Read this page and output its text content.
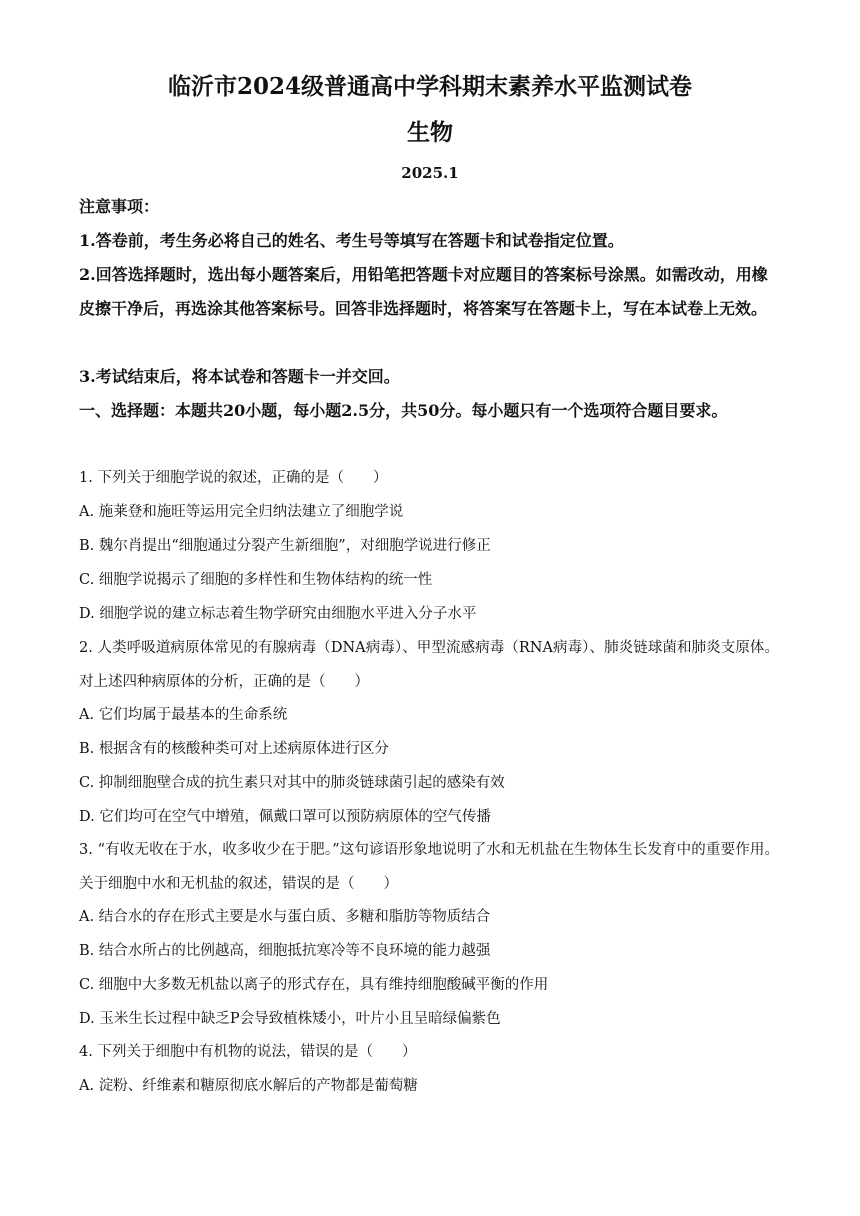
临沂市2024级普通高中学科期末素养水平监测试卷
生物
2025.1
注意事项：
1.答卷前，考生务必将自己的姓名、考生号等填写在答题卡和试卷指定位置。
2.回答选择题时，选出每小题答案后，用铅笔把答题卡对应题目的答案标号涂黑。如需改动，用橡皮擦干净后，再选涂其他答案标号。回答非选择题时，将答案写在答题卡上，写在本试卷上无效。
3.考试结束后，将本试卷和答题卡一并交回。
一、选择题：本题共20小题，每小题2.5分，共50分。每小题只有一个选项符合题目要求。
1. 下列关于细胞学说的叙述，正确的是（　　）
A. 施莱登和施旺等运用完全归纳法建立了细胞学说
B. 魏尔肖提出“细胞通过分裂产生新细胞”，对细胞学说进行修正
C. 细胞学说揭示了细胞的多样性和生物体结构的统一性
D. 细胞学说的建立标志着生物学研究由细胞水平进入分子水平
2. 人类呼吸道病原体常见的有腺病毒（DNA病毒）、甲型流感病毒（RNA病毒）、肺炎链球菌和肺炎支原体。对上述四种病原体的分析，正确的是（　　）
A. 它们均属于最基本的生命系统
B. 根据含有的核酸种类可对上述病原体进行区分
C. 抑制细胞壁合成的抗生素只对其中的肺炎链球菌引起的感染有效
D. 它们均可在空气中增殖，佩戴口罩可以预防病原体的空气传播
3. “有收无收在于水，收多收少在于肥。”这句谚语形象地说明了水和无机盐在生物体生长发育中的重要作用。关于细胞中水和无机盐的叙述，错误的是（　　）
A. 结合水的存在形式主要是水与蛋白质、多糖和脂肪等物质结合
B. 结合水所占的比例越高，细胞抵抗寒冷等不良环境的能力越强
C. 细胞中大多数无机盐以离子的形式存在，具有维持细胞酸碱平衡的作用
D. 玉米生长过程中缺乏P会导致植株矮小，叶片小且呈暗绿偏紫色
4. 下列关于细胞中有机物的说法，错误的是（　　）
A. 淀粉、纤维素和糖原彻底水解后的产物都是葡萄糖
